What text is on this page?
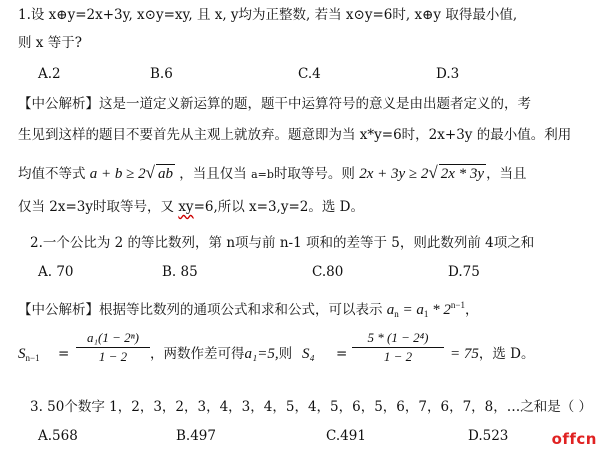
1.设 x⊕y=2x+3y, x⊙y=xy, 且 x, y均为正整数, 若当 x⊙y=6时, x⊕y 取得最小值,
则 x 等于?
A.2	B.6	C.4	D.3
【中公解析】这是一道定义新运算的题，题干中运算符号的意义是由出题者定义的，考
生见到这样的题目不要首先从主观上就放弃。题意即为当 x*y=6时，2x+3y 的最小值。利用
均值不等式 a + b ≥ 2√ ab ，当且仅当 a=b时取等号。则 2x + 3y ≥ 2√ 2x * 3y ，当且
仅当 2x=3y时取等号，又 xy=6,所以 x=3,y=2。选 D。
2.一个公比为 2 的等比数列，第 n项与前 n-1 项和的差等于 5，则此数列前 4项之和
A. 70	B. 85	C.80	D.75
【中公解析】根据等比数列的通项公式和求和公式，可以表示 $a_n = a_1 * 2^{n-1}$，
$S_{n-1}$ =
a₁(1 − 2ⁿ)
1 − 2	，两数作差可得a₁=5,则 S₄ =
5 * (1 − 2⁴)
1 − 2	= 75，选 D。
3. 50个数字 1，2，3，2，3，4，3，4，5，4，5，6，5，6，7，6，7，8，…之和是（ ）
A.568	B.497	C.491	D.523	offcn
